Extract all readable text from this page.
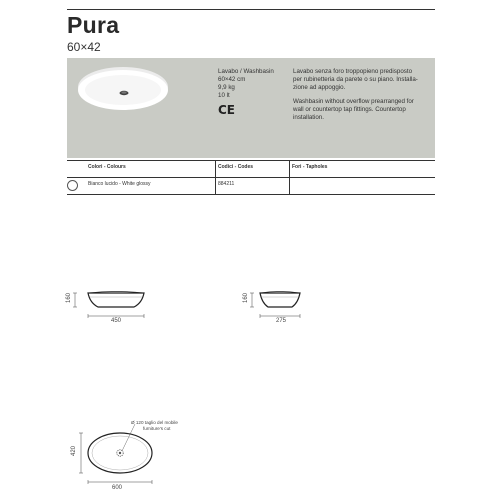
Pura
60×42
Lavabo / Washbasin
60×42 cm
9,9 kg
10 lt
CE
Lavabo senza foro troppopieno predisposto
per rubinetteria da parete o su piano. Installa-
zione ad appoggio.
Washbasin without overflow prearranged for
wall or countertop tap fittings. Countertop
installation.
Colori - Colours	Codici - Codes	Fori - Tapholes
Bianco lucido - White glossy	884211
160
450
160
275
Ø 120 taglio del mobile
furniture's cut
420
600
